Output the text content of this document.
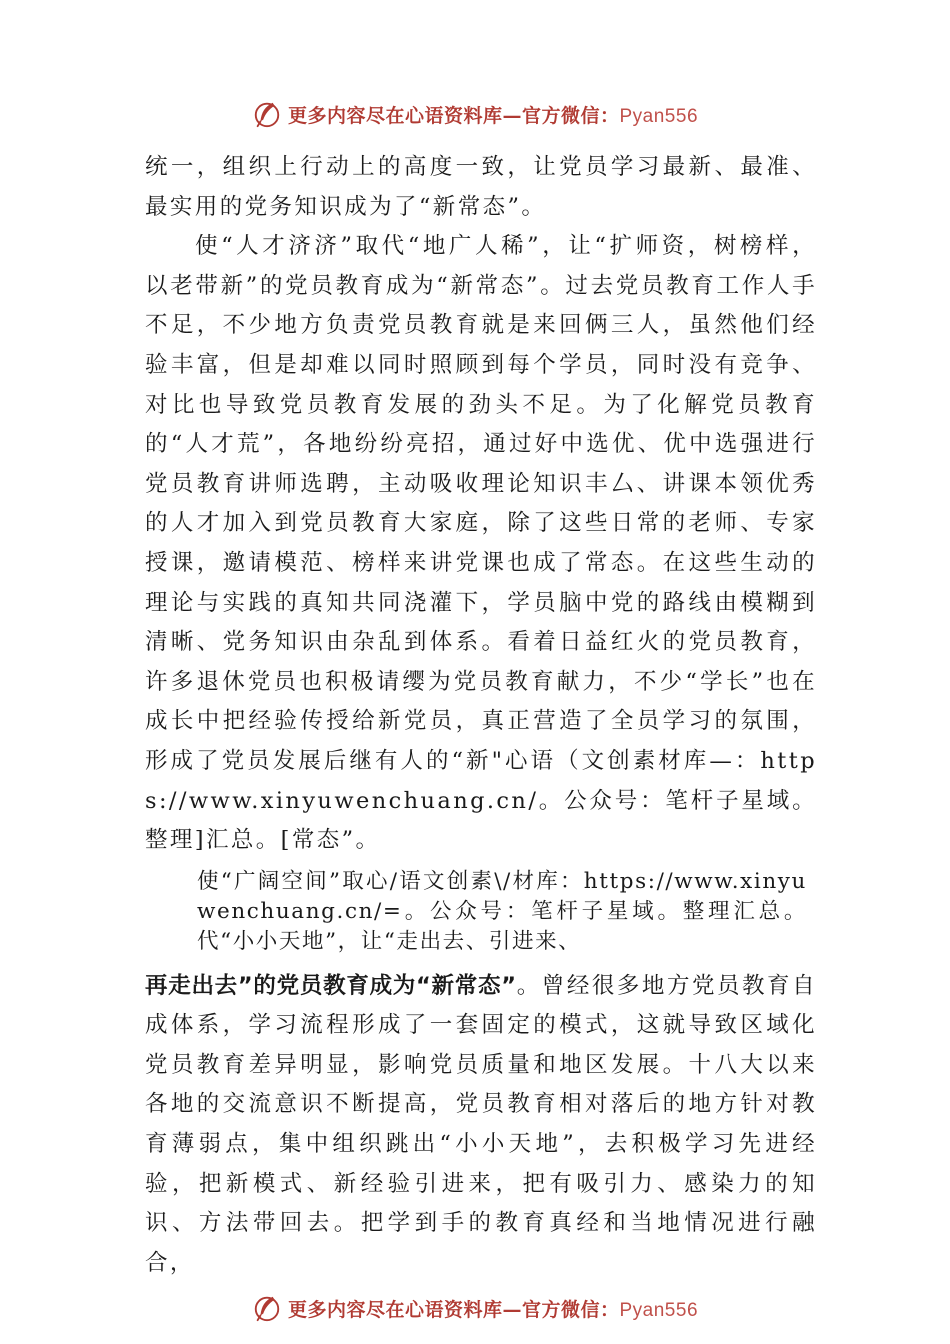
更多内容尽在心语资料库—官方微信：Pyan556

统一，组织上行动上的高度一致，让党员学习最新、最准、 最实用的党务知识成为了“新常态”。

使“人才济济”取代“地广人稀”，让“扩师资，树榜样， 以老带新”的党员教育成为“新常态”。过去党员教育工作人手不足，不少地方负责党员教育就是来回俩三人，虽然他们经验丰富，但是却难以同时照顾到每个学员，同时没有竞争、对比也导致党员教育发展的劲头不足。为了化解党员教育的“人才荒”，各地纷纷亮招，通过好中选优、优中选强进行党员教育讲师选聘，主动吸收理论知识丰厶、讲课本领优秀的人才加入到党员教育大家庭，除了这些日常的老师、专家授课，邀请模范、榜样来讲党课也成了常态。在这些生动的理论与实践的真知共同浇灌下，学员脑中党的路线由模糊到清晰、党务知识由杂乱到体系。看着日益红火的党员教育，许多退休党员也积极请缨为党员教育献力，不少“学长”也在成长中把经验传授给新党员，真正营造了全员学习的氛围， 形成了党员发展后继有人的“新"心语（文创素材库—：https://www.xinyuwenchuang.cn/。公众号：笔杆子星域。整理]汇总。[常态”。

使“广阔空间”取心/语文创素\/材库：https://www.xinyuwenchuang.cn/=。公众号：笔杆子星域。整理汇总。代“小小天地”，让“走出去、引进来、

再走出去”的党员教育成为“新常态”。曾经很多地方党员教育自成体系，学习流程形成了一套固定的模式，这就导致区域化党员教育差异明显，影响党员质量和地区发展。十八大以来各地的交流意识不断提高，党员教育相对落后的地方针对教育薄弱点，集中组织跳出“小小天地”，去积极学习先进经验，把新模式、新经验引进来，把有吸引力、感染力的知识、方法带回去。把学到手的教育真经和当地情况进行融合，

更多内容尽在心语资料库—官方微信：Pyan556
